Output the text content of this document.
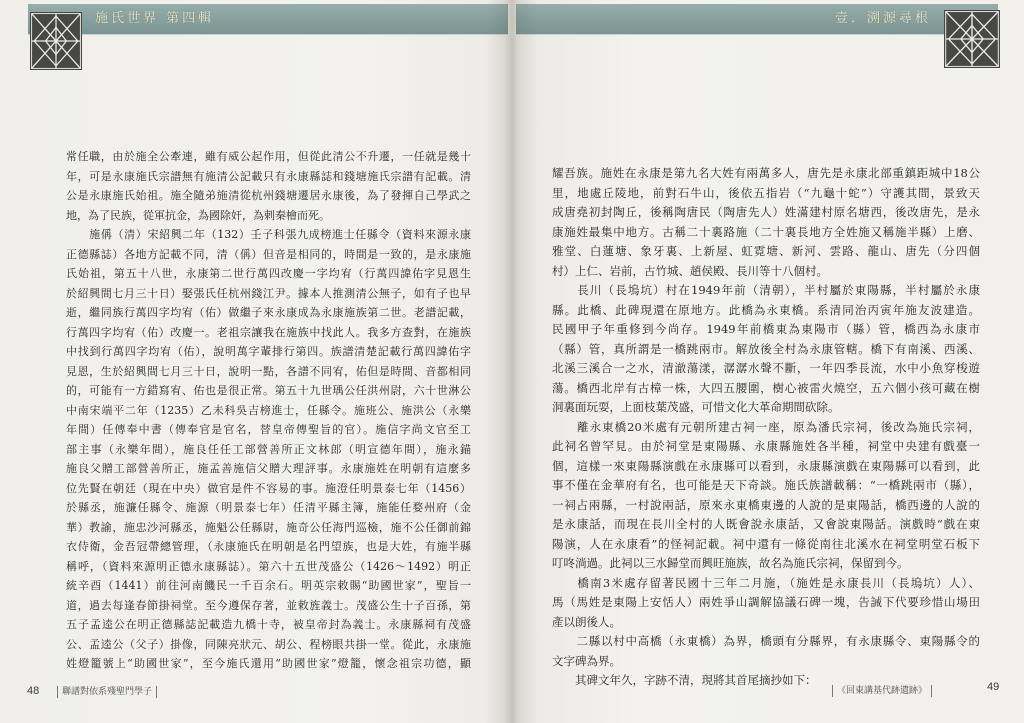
施氏世界 第四輯
常任職，由於施全公牽連，雖有威公起作用，但從此清公不升遷，一任就是幾十
年，可是永康施氏宗譜無有施清公記載只有永康縣誌和錢塘施氏宗譜有記載。清
公是永康施氏始祖。施全隨弟施清從杭州錢塘遷居永康後，為了發揮自己學武之
地，為了民族，從軍抗金，為國除奸，為剌秦檜而死。
　　施偁（清）宋紹興二年（132）壬子科張九成榜進士任縣令（資料來源永康
正德縣誌）各地方記載不同，清（偁）但音是相同的，時間是一致的，是永康施
氏始祖，第五十八世，永康第二世行萬四改慶一字均宥（行萬四諱佑字見恩生
於紹興間七月三十日）娶張氏任杭州錢江尹。據本人推測清公無子，如有子也早
逝，繼同族行萬四字均宥（佑）做繼子來永康成為永康施族第二世。老譜記載，
行萬四字均宥（佑）改慶一。老祖宗讓我在施族中找此人。我多方查對，在施族
中找到行萬四字均宥（佑），說明萬字輩排行第四。族譜清楚記載行萬四諱佑字
見恩，生於紹興間七月三十日，說明一點，各譜不同宥，佑但是時間、音都相同
的，可能有一方錯寫宥、佑也是很正常。第五十九世瑀公任洪州尉，六十世淋公
中南宋端平二年（1235）乙未科吳吉榜進士，任縣令。施班公、施洪公（永樂
年間）任傳奉中書（傳奉官是官名，替皇帝傳聖旨的官）。施信字尚文官至工
部主事（永樂年間），施良任任工部營善所正文林郎（明宣德年間），施永錨
施良父贈工部營善所正，施孟善施信父贈大理評事。永康施姓在明朝有這麼多
位先賢在朝廷（現在中央）做官是件不容易的事。施澄任明景泰七年（1456）
於縣丞，施濂任縣令、施源（明景泰七年）任清平縣主簿，施能任婺州府（金
華）教諭，施忠沙河縣丞，施魁公任縣尉，施奇公任海門巡檢，施不公任御前錦
衣侍衛，金吾冠帶總管理，（永康施氏在明朝是名門望族，也是大姓，有施半縣
稱呼，（資料來源明正德永康縣誌）。第六十五世茂盛公（1426～1492）明正
統辛酉（1441）前往河南饑民一千百余石。明英宗敕賜“助國世家”，聖旨一
道，過去每逢春節掛祠堂。至今遵保存著，並敕旌義士。茂盛公生十子百孫，第
五子孟逵公在明正德縣誌記載造九橋十寺，被皇帝封為義士。永康縣祠有茂盛
公、孟逵公（父子）掛像，同陳亮狀元、胡公、程榜眼共掛一堂。從此，永康施
姓燈籠號上“助國世家”，至今施氏還用“助國世家”燈籠，懷念祖宗功德，顯
48	聯譜對依系殘聖門學子
壹．溯源尋根
耀吾族。施姓在永康是第九名大姓有兩萬多人，唐先是永康北部重鎮距城中18公
里，地處丘陵地，前對石牛山，後依五指岩（“九龜十蛇”）守護其間，景致天
成唐堯初封陶丘，後稱陶唐民（陶唐先人）姓滿建村原名塘西，後改唐先，是永
康施姓最集中地方。古稱二十裏路施（二十裏長地方全姓施又稱施半縣）上磨、
雅堂、白蓮塘、象牙裏、上新屋、虹霓塘、新河、雲路、龍山、唐先（分四個
村）上仁、岩前，古竹城、趙侯殿、長川等十八個村。
　　長川（長塢坑）村在1949年前（清朝），半村屬於東陽縣，半村屬於永康
縣。此橋、此碑現還在原地方。此橋為永東橋。系清同治丙寅年施友波建造。
民國甲子年重修到今尚存。1949年前橋東為東陽市（縣）管，橋西為永康市
（縣）管，真所謂是一橋跳兩市。解放後全村為永康管轄。橋下有南溪、西溪、
北溪三溪合一之水，清澈蕩漾，潺潺水聲不斷，一年四季長流，水中小魚穿梭遊
蕩。橋西北岸有古樟一株，大四五腰圍，樹心被雷火燒空，五六個小孩可藏在樹
洞裏面玩耍，上面枝葉茂盛，可惜文化大革命期間砍除。
　　離永東橋20米處有元朝所建古祠一座，原為潘氏宗祠，後改為施氏宗祠，
此祠名曾罕見。由於祠堂是東陽縣、永康縣施姓各半種，祠堂中央建有戲臺一
個，這樣一來東陽縣演戲在永康縣可以看到，永康縣演戲在東陽縣可以看到，此
事不僅在金華府有名，也可能是天下奇談。施氏族譜載稱：“一橋跳兩市（縣），
一祠占兩縣，一村說兩話，原來永東橋東邊的人說的是東陽話，橋西邊的人說的
是永康話，而現在長川全村的人既會說永康話，又會說東陽話。演戲時“戲在東
陽演，人在永康看”的怪祠記載。祠中還有一條從南往北溪水在祠堂明堂石板下
叮咚淌過。此祠以三水歸堂而興旺施族，故名為施氏宗祠，保留到今。
　　橋南3米處存留著民國十三年二月施，（施姓是永康長川（長塢坑）人）、
馬（馬姓是東陽上安恬人）兩姓爭山調解協議石碑一塊，告誡下代要珍惜山場田
產以朗後人。
　　二縣以村中高橋（永東橋）為界，橋頭有分縣界，有永康縣令、東陽縣令的
文字碑為界。
　　其碑文年久，字跡不清，現將其首尾摘抄如下：
《回東講基代跡遺跡》	49
